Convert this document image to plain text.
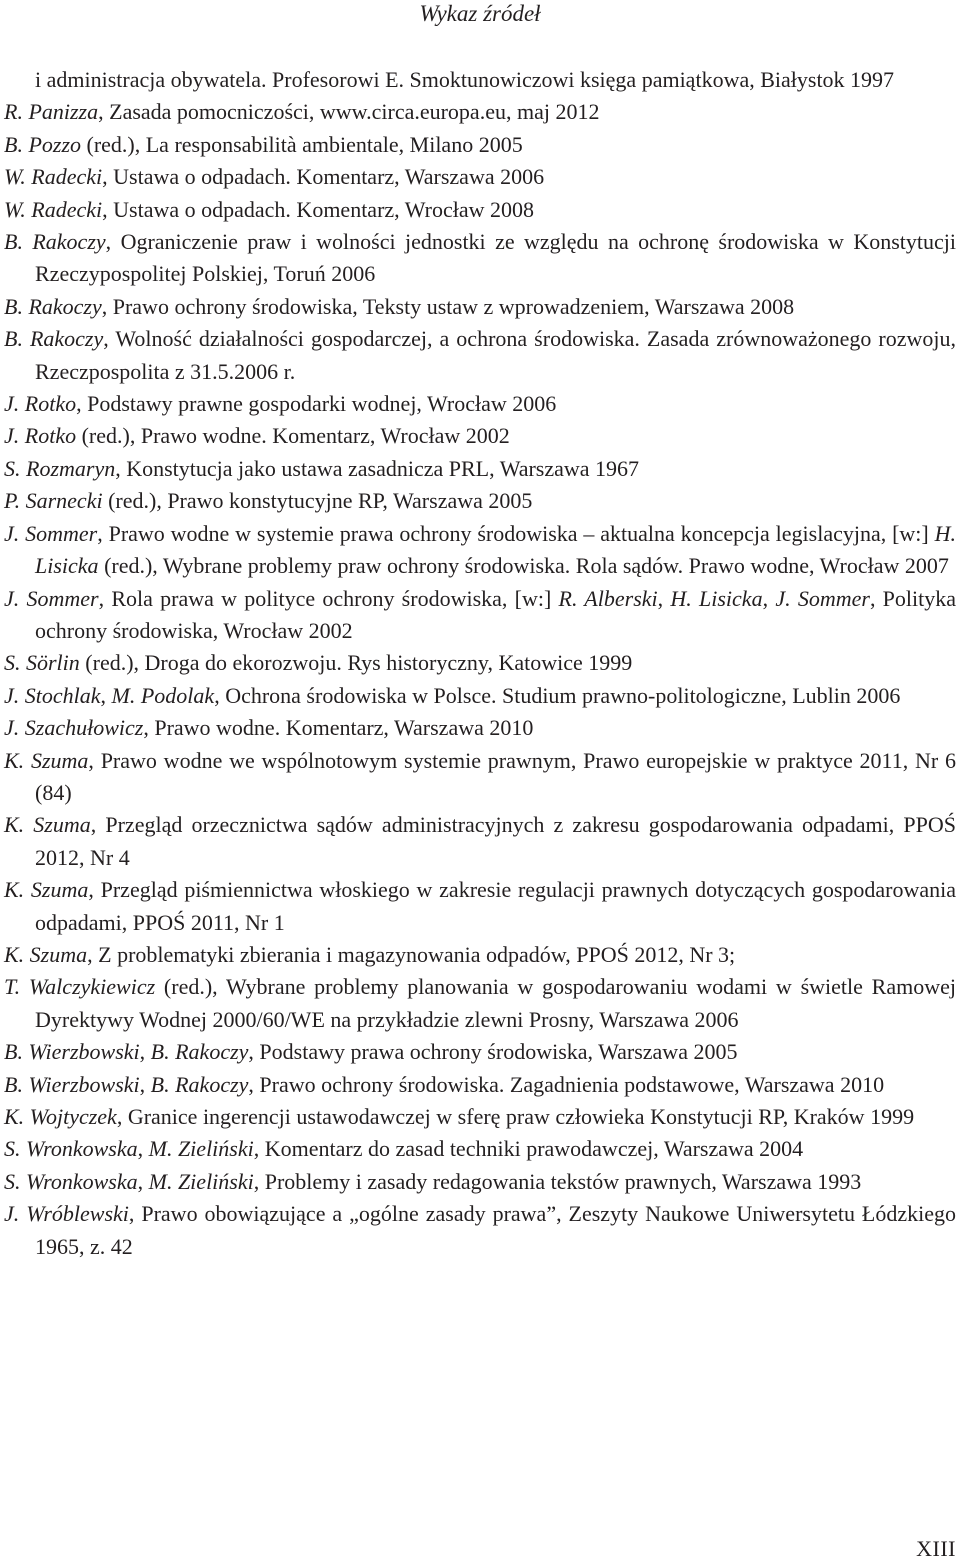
Wykaz źródeł
i administracja obywatela. Profesorowi E. Smoktunowiczowi księga pamiątkowa, Białystok 1997
R. Panizza, Zasada pomocniczości, www.circa.europa.eu, maj 2012
B. Pozzo (red.), La responsabilità ambientale, Milano 2005
W. Radecki, Ustawa o odpadach. Komentarz, Warszawa 2006
W. Radecki, Ustawa o odpadach. Komentarz, Wrocław 2008
B. Rakoczy, Ograniczenie praw i wolności jednostki ze względu na ochronę środowiska w Konstytucji Rzeczypospolitej Polskiej, Toruń 2006
B. Rakoczy, Prawo ochrony środowiska, Teksty ustaw z wprowadzeniem, Warszawa 2008
B. Rakoczy, Wolność działalności gospodarczej, a ochrona środowiska. Zasada zrównoważonego rozwoju, Rzeczpospolita z 31.5.2006 r.
J. Rotko, Podstawy prawne gospodarki wodnej, Wrocław 2006
J. Rotko (red.), Prawo wodne. Komentarz, Wrocław 2002
S. Rozmaryn, Konstytucja jako ustawa zasadnicza PRL, Warszawa 1967
P. Sarnecki (red.), Prawo konstytucyjne RP, Warszawa 2005
J. Sommer, Prawo wodne w systemie prawa ochrony środowiska – aktualna koncepcja legislacyjna, [w:] H. Lisicka (red.), Wybrane problemy praw ochrony środowiska. Rola sądów. Prawo wodne, Wrocław 2007
J. Sommer, Rola prawa w polityce ochrony środowiska, [w:] R. Alberski, H. Lisicka, J. Sommer, Polityka ochrony środowiska, Wrocław 2002
S. Sörlin (red.), Droga do ekorozwoju. Rys historyczny, Katowice 1999
J. Stochlak, M. Podolak, Ochrona środowiska w Polsce. Studium prawno-politologiczne, Lublin 2006
J. Szachułowicz, Prawo wodne. Komentarz, Warszawa 2010
K. Szuma, Prawo wodne we wspólnotowym systemie prawnym, Prawo europejskie w praktyce 2011, Nr 6 (84)
K. Szuma, Przegląd orzecznictwa sądów administracyjnych z zakresu gospodarowania odpadami, PPOŚ 2012, Nr 4
K. Szuma, Przegląd piśmiennictwa włoskiego w zakresie regulacji prawnych dotyczących gospodarowania odpadami, PPOŚ 2011, Nr 1
K. Szuma, Z problematyki zbierania i magazynowania odpadów, PPOŚ 2012, Nr 3;
T. Walczykiewicz (red.), Wybrane problemy planowania w gospodarowaniu wodami w świetle Ramowej Dyrektywy Wodnej 2000/60/WE na przykładzie zlewni Prosny, Warszawa 2006
B. Wierzbowski, B. Rakoczy, Podstawy prawa ochrony środowiska, Warszawa 2005
B. Wierzbowski, B. Rakoczy, Prawo ochrony środowiska. Zagadnienia podstawowe, Warszawa 2010
K. Wojtyczek, Granice ingerencji ustawodawczej w sferę praw człowieka Konstytucji RP, Kraków 1999
S. Wronkowska, M. Zieliński, Komentarz do zasad techniki prawodawczej, Warszawa 2004
S. Wronkowska, M. Zieliński, Problemy i zasady redagowania tekstów prawnych, Warszawa 1993
J. Wróblewski, Prawo obowiązujące a „ogólne zasady prawa”, Zeszyty Naukowe Uniwersytetu Łódzkiego 1965, z. 42
XIII
